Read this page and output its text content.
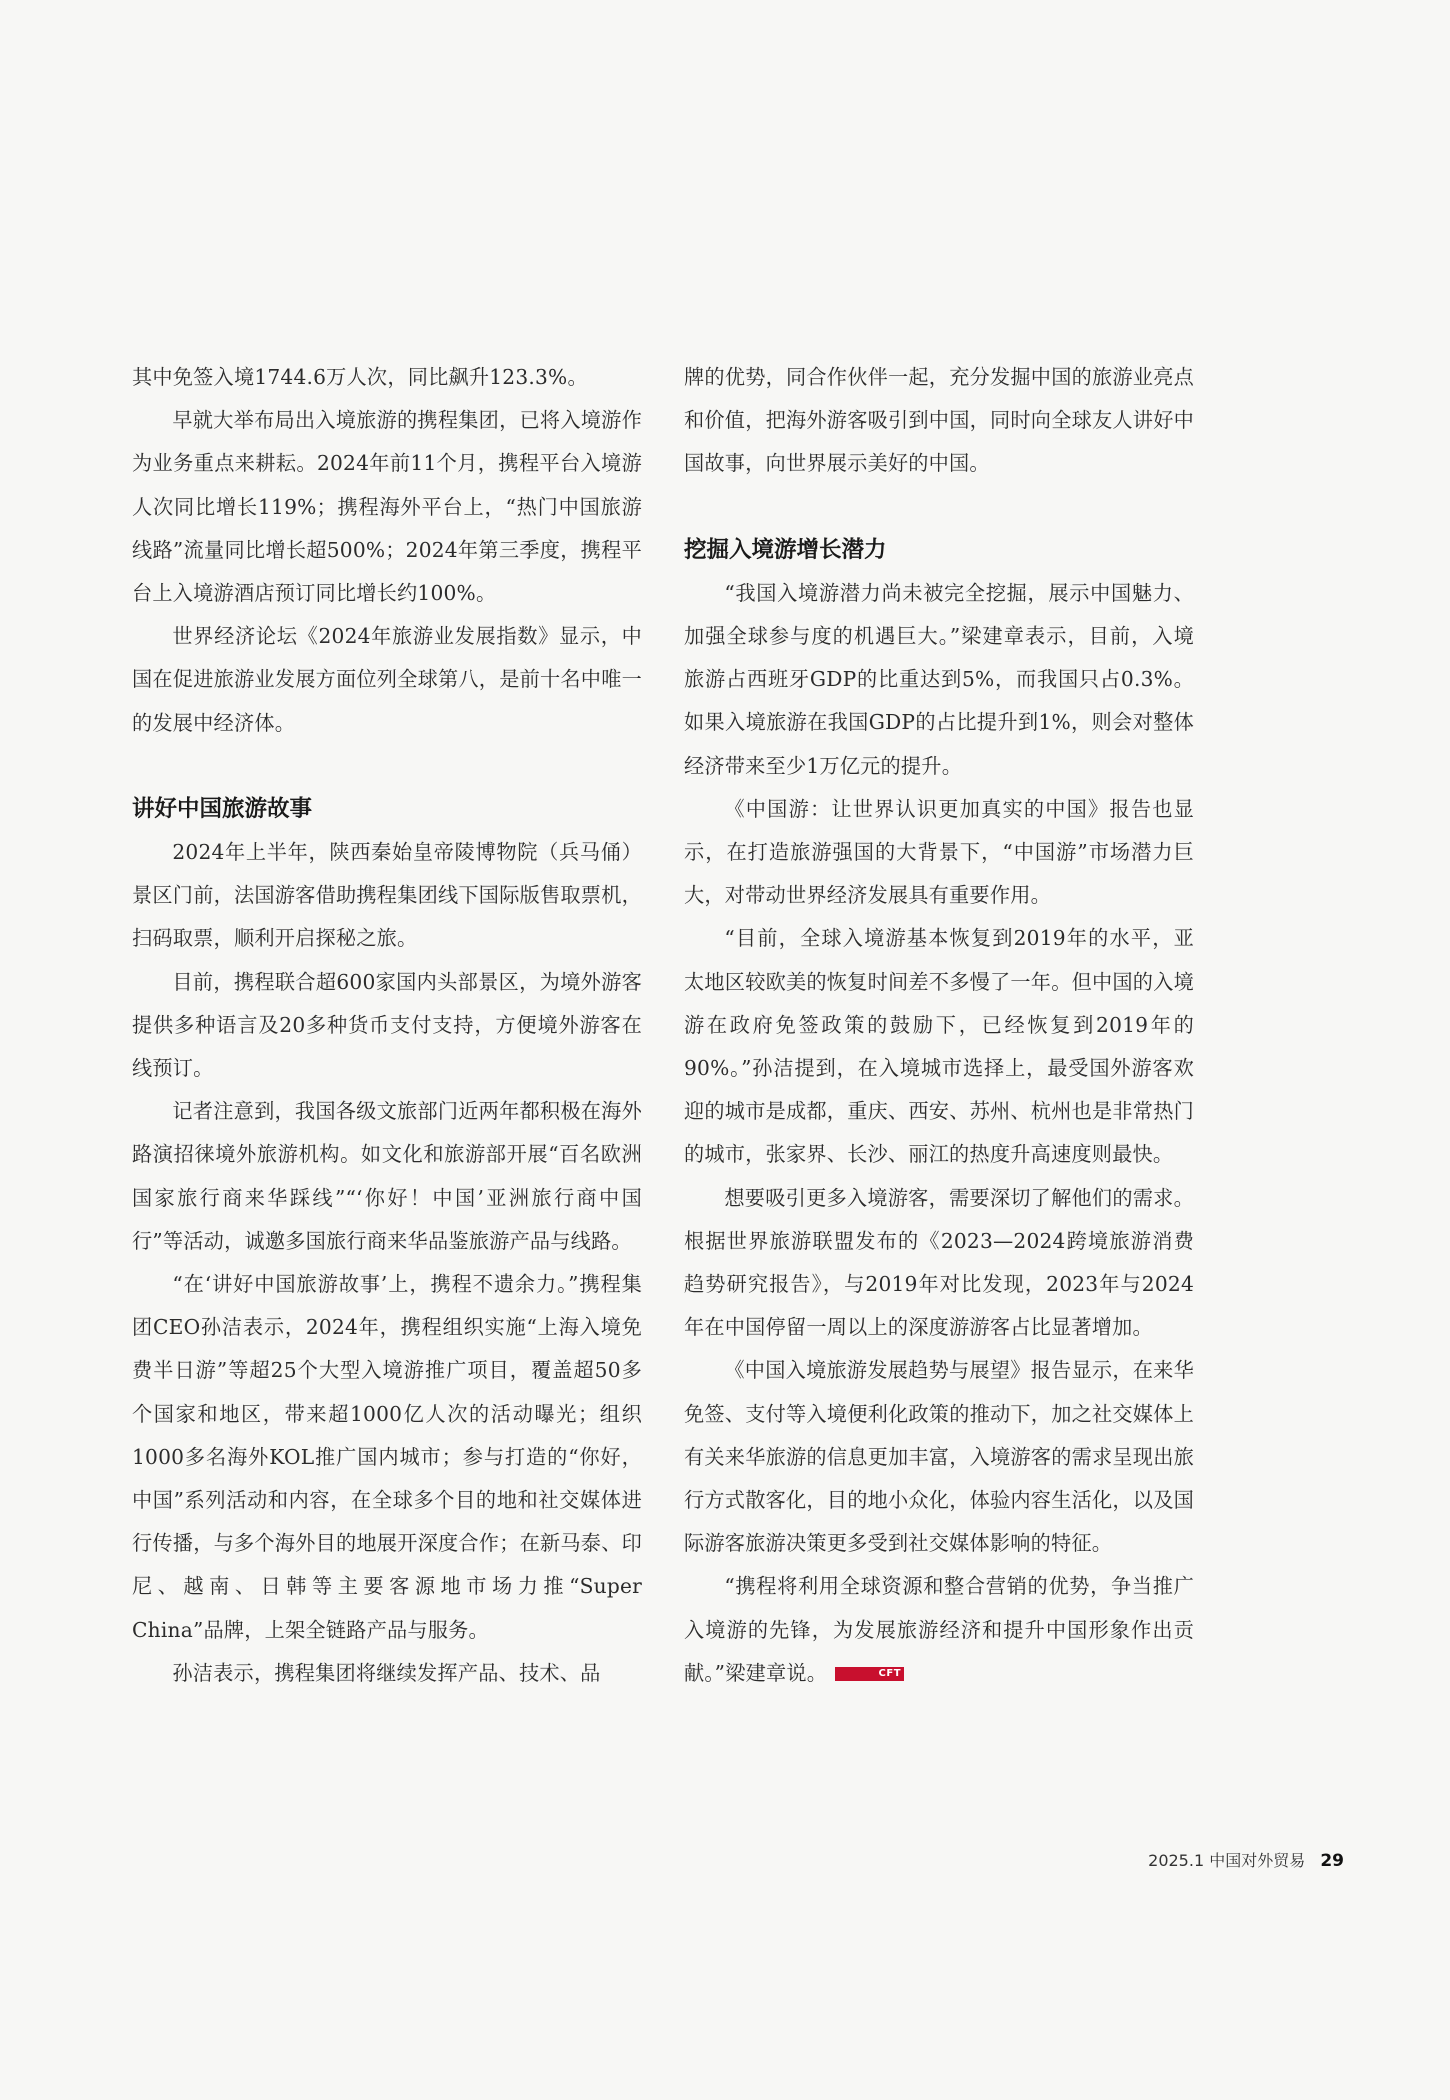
其中免签入境1744.6万人次，同比飙升123.3%。

早就大举布局出入境旅游的携程集团，已将入境游作为业务重点来耕耘。2024年前11个月，携程平台入境游人次同比增长119%；携程海外平台上，“热门中国旅游线路”流量同比增长超500%；2024年第三季度，携程平台上入境游酒店预订同比增长约100%。

世界经济论坛《2024年旅游业发展指数》显示，中国在促进旅游业发展方面位列全球第八，是前十名中唯一的发展中经济体。

讲好中国旅游故事

2024年上半年，陕西秦始皇帝陵博物院（兵马俑）景区门前，法国游客借助携程集团线下国际版售取票机，扫码取票，顺利开启探秘之旅。

目前，携程联合超600家国内头部景区，为境外游客提供多种语言及20多种货币支付支持，方便境外游客在线预订。

记者注意到，我国各级文旅部门近两年都积极在海外路演招徕境外旅游机构。如文化和旅游部开展“百名欧洲国家旅行商来华踩线”“‘你好！中国’亚洲旅行商中国行”等活动，诚邀多国旅行商来华品鉴旅游产品与线路。

“在‘讲好中国旅游故事’上，携程不遗余力。”携程集团CEO孙洁表示，2024年，携程组织实施“上海入境免费半日游”等超25个大型入境游推广项目，覆盖超50多个国家和地区，带来超1000亿人次的活动曝光；组织1000多名海外KOL推广国内城市；参与打造的“你好，中国”系列活动和内容，在全球多个目的地和社交媒体进行传播，与多个海外目的地展开深度合作；在新马泰、印尼、越南、日韩等主要客源地市场力推“Super China”品牌，上架全链路产品与服务。

孙洁表示，携程集团将继续发挥产品、技术、品

牌的优势，同合作伙伴一起，充分发掘中国的旅游业亮点和价值，把海外游客吸引到中国，同时向全球友人讲好中国故事，向世界展示美好的中国。

挖掘入境游增长潜力

“我国入境游潜力尚未被完全挖掘，展示中国魅力、加强全球参与度的机遇巨大。”梁建章表示，目前，入境旅游占西班牙GDP的比重达到5%，而我国只占0.3%。如果入境旅游在我国GDP的占比提升到1%，则会对整体经济带来至少1万亿元的提升。

《中国游：让世界认识更加真实的中国》报告也显示，在打造旅游强国的大背景下，“中国游”市场潜力巨大，对带动世界经济发展具有重要作用。

“目前，全球入境游基本恢复到2019年的水平，亚太地区较欧美的恢复时间差不多慢了一年。但中国的入境游在政府免签政策的鼓励下，已经恢复到2019年的90%。”孙洁提到，在入境城市选择上，最受国外游客欢迎的城市是成都，重庆、西安、苏州、杭州也是非常热门的城市，张家界、长沙、丽江的热度升高速度则最快。

想要吸引更多入境游客，需要深切了解他们的需求。根据世界旅游联盟发布的《2023—2024跨境旅游消费趋势研究报告》，与2019年对比发现，2023年与2024年在中国停留一周以上的深度游游客占比显著增加。

《中国入境旅游发展趋势与展望》报告显示，在来华免签、支付等入境便利化政策的推动下，加之社交媒体上有关来华旅游的信息更加丰富，入境游客的需求呈现出旅行方式散客化，目的地小众化，体验内容生活化，以及国际游客旅游决策更多受到社交媒体影响的特征。

“携程将利用全球资源和整合营销的优势，争当推广入境游的先锋，为发展旅游经济和提升中国形象作出贡献。”梁建章说。	CFT

2025.1 中国对外贸易 29
